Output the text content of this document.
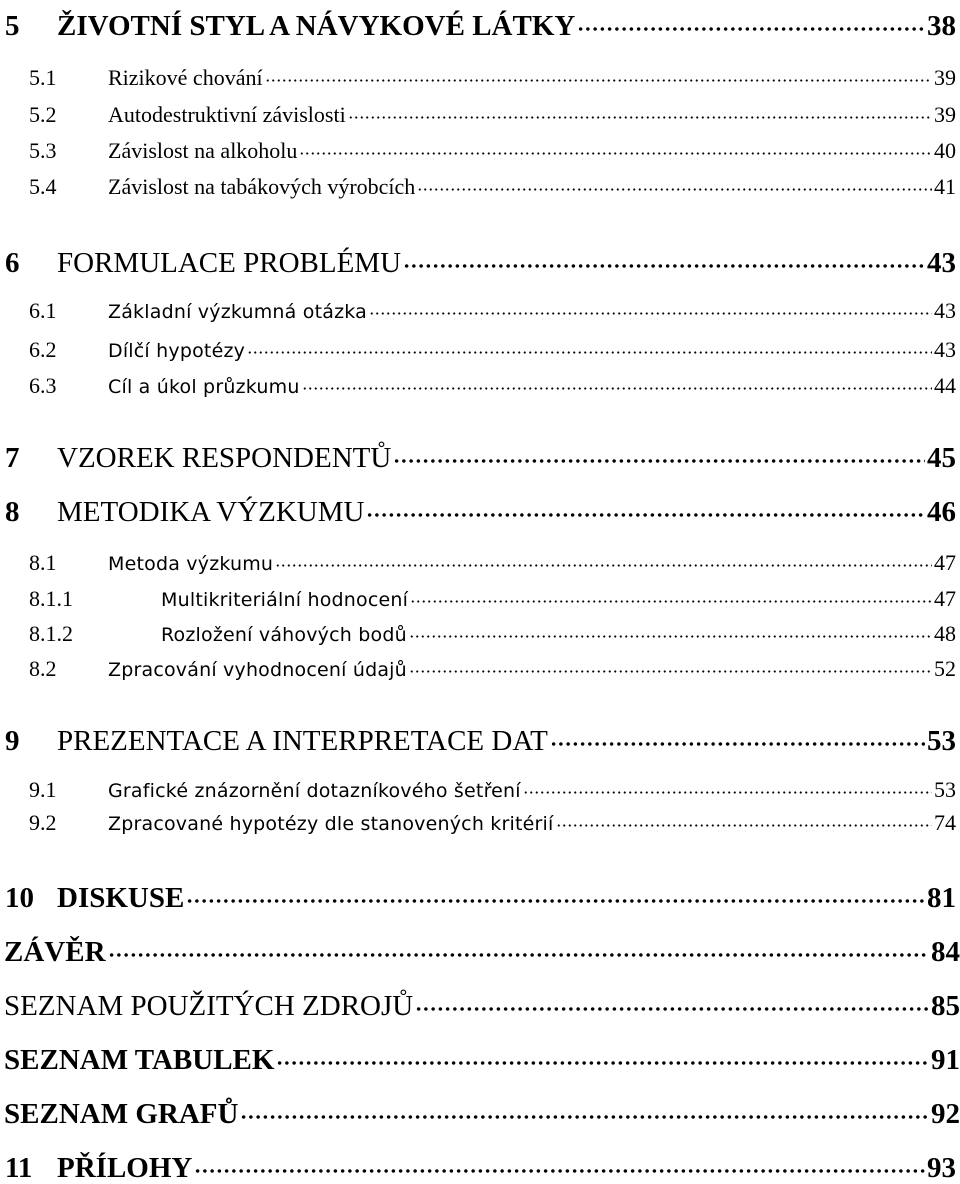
5	ŽIVOTNÍ STYL A NÁVYKOVÉ LÁTKY	38
5.1	Rizikové chování	39
5.2	Autodestruktivní závislosti	39
5.3	Závislost na alkoholu	40
5.4	Závislost na tabákových výrobcích	41
6	FORMULACE PROBLÉMU	43
6.1	Základní výzkumná otázka	43
6.2	Dílčí hypotézy	43
6.3	Cíl a úkol průzkumu	44
7	VZOREK RESPONDENTŮ	45
8	METODIKA VÝZKUMU	46
8.1	Metoda výzkumu	47
8.1.1	Multikriteriální hodnocení	47
8.1.2	Rozložení váhových bodů	48
8.2	Zpracování vyhodnocení údajů	52
9	PREZENTACE A INTERPRETACE DAT	53
9.1	Grafické znázornění dotazníkového šetření	53
9.2	Zpracované hypotézy dle stanovených kritérií	74
10 DISKUSE	81
ZÁVĚR	84
SEZNAM POUŽITÝCH ZDROJŮ	85
SEZNAM TABULEK	91
SEZNAM GRAFŮ	92
11 PŘÍLOHY	93
